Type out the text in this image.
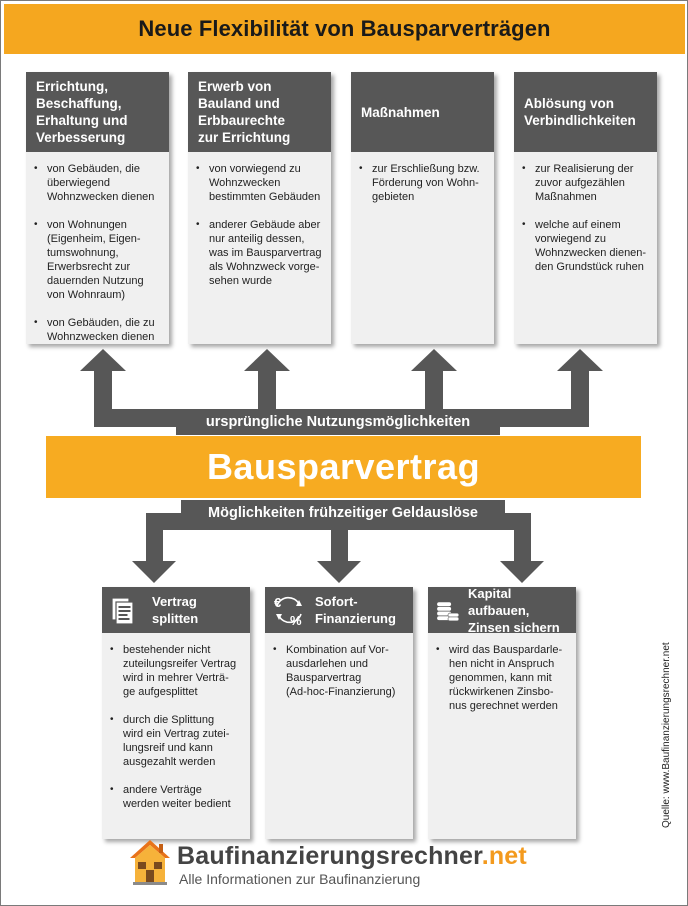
Neue Flexibilität von Bausparverträgen
Errichtung,
Beschaffung,
Erhaltung und
Verbesserung
• von Gebäuden, die
überwiegend
Wohnzwecken dienen
• von Wohnungen
(Eigenheim, Eigen-
tumswohnung,
Erwerbsrecht zur
dauernden Nutzung
von Wohnraum)
• von Gebäuden, die zu
Wohnzwecken dienen
Erwerb von
Bauland und
Erbbaurechte
zur Errichtung
• von vorwiegend zu
Wohnzwecken
bestimmten Gebäuden
• anderer Gebäude aber
nur anteilig dessen,
was im Bausparvertrag
als Wohnzweck vorge-
sehen wurde
Maßnahmen
• zur Erschließung bzw.
Förderung von Wohn-
gebieten
Ablösung von
Verbindlichkeiten
• zur Realisierung der
zuvor aufgezählen
Maßnahmen
• welche auf einem
vorwiegend zu
Wohnzwecken dienen-
den Grundstück ruhen
ursprüngliche Nutzungsmöglichkeiten
Bausparvertrag
Möglichkeiten frühzeitiger Geldauslöse
Vertrag
splitten
• bestehender nicht
zuteilungsreifer Vertrag
wird in mehrer Verträ-
ge aufgesplittet
• durch die Splittung
wird ein Vertrag zutei-
lungsreif und kann
ausgezahlt werden
• andere Verträge
werden weiter bedient
€
%
Sofort-
Finanzierung
• Kombination auf Vor-
ausdarlehen und
Bausparvertrag
(Ad-hoc-Finanzierung)
Kapital aufbauen,
Zinsen sichern
• wird das Bauspardarle-
hen nicht in Anspruch
genommen, kann mit
rückwirkenen Zinsbo-
nus gerechnet werden	Quelle: www.Baufinanzierungsrechner.net
Baufinanzierungsrechner.net
Alle Informationen zur Baufinanzierung
